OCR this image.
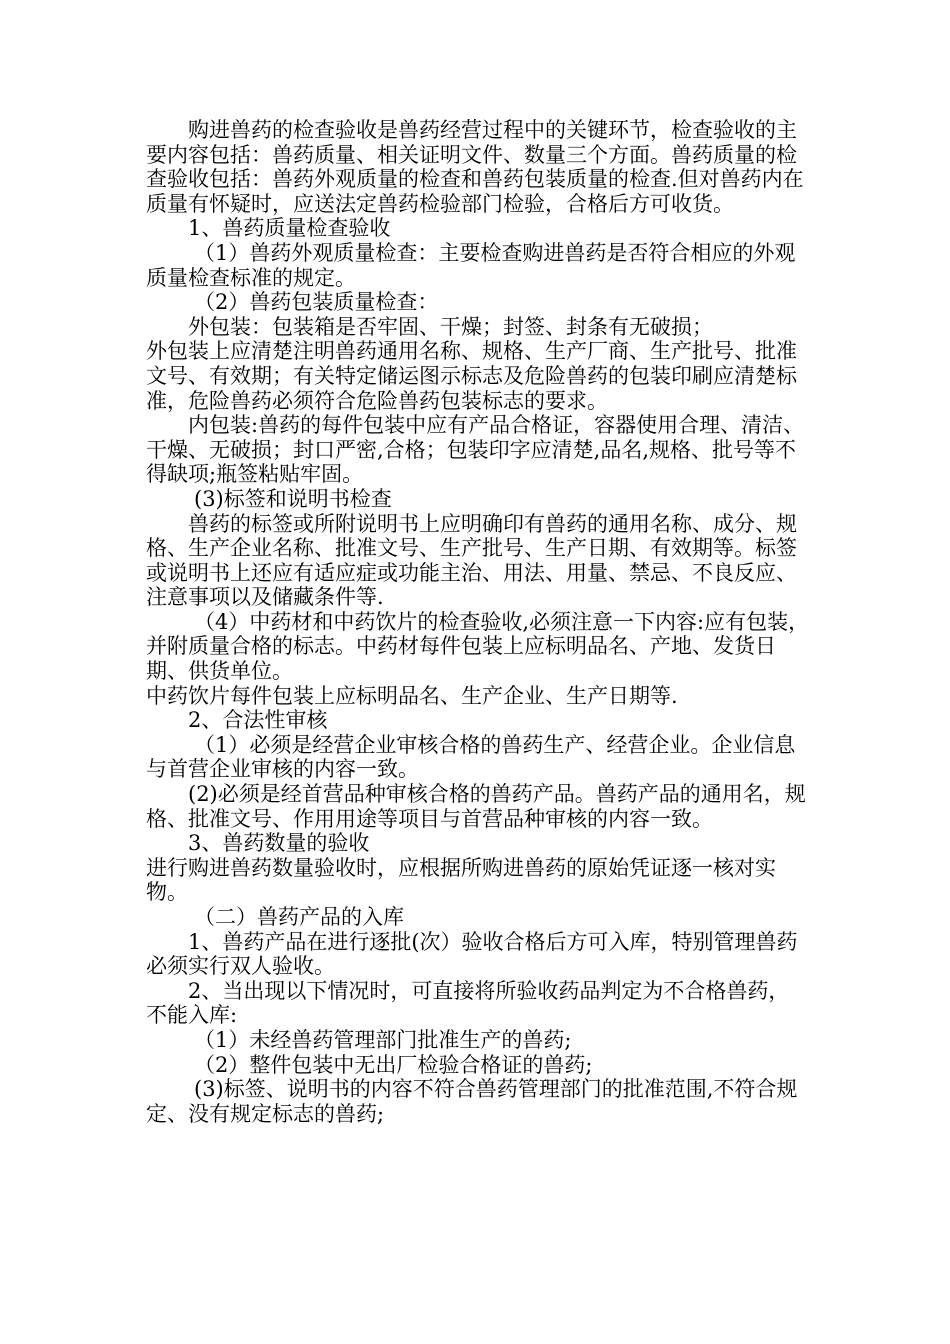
购进兽药的检查验收是兽药经营过程中的关键环节，检查验收的主要内容包括：兽药质量、相关证明文件、数量三个方面。兽药质量的检查验收包括：兽药外观质量的检查和兽药包装质量的检查.但对兽药内在质量有怀疑时，应送法定兽药检验部门检验，合格后方可收货。

1、兽药质量检查验收

（1）兽药外观质量检查：主要检查购进兽药是否符合相应的外观质量检查标准的规定。

（2）兽药包装质量检查：

外包装：包装箱是否牢固、干燥；封签、封条有无破损；

外包装上应清楚注明兽药通用名称、规格、生产厂商、生产批号、批准文号、有效期；有关特定储运图示标志及危险兽药的包装印刷应清楚标准，危险兽药必须符合危险兽药包装标志的要求。

内包装:兽药的每件包装中应有产品合格证，容器使用合理、清洁、干燥、无破损；封口严密,合格；包装印字应清楚,品名,规格、批号等不得缺项;瓶签粘贴牢固。

(3)标签和说明书检查

兽药的标签或所附说明书上应明确印有兽药的通用名称、成分、规格、生产企业名称、批准文号、生产批号、生产日期、有效期等。标签或说明书上还应有适应症或功能主治、用法、用量、禁忌、不良反应、注意事项以及储藏条件等.

（4）中药材和中药饮片的检查验收,必须注意一下内容:应有包装，并附质量合格的标志。中药材每件包装上应标明品名、产地、发货日期、供货单位。

中药饮片每件包装上应标明品名、生产企业、生产日期等.

2、合法性审核

（1）必须是经营企业审核合格的兽药生产、经营企业。企业信息与首营企业审核的内容一致。

(2)必须是经首营品种审核合格的兽药产品。兽药产品的通用名，规格、批准文号、作用用途等项目与首营品种审核的内容一致。

3、兽药数量的验收

进行购进兽药数量验收时，应根据所购进兽药的原始凭证逐一核对实物。

（二）兽药产品的入库

1、兽药产品在进行逐批(次）验收合格后方可入库，特别管理兽药必须实行双人验收。

2、当出现以下情况时，可直接将所验收药品判定为不合格兽药，不能入库:

（1）未经兽药管理部门批准生产的兽药;

（2）整件包装中无出厂检验合格证的兽药;

(3)标签、说明书的内容不符合兽药管理部门的批准范围,不符合规定、没有规定标志的兽药;
